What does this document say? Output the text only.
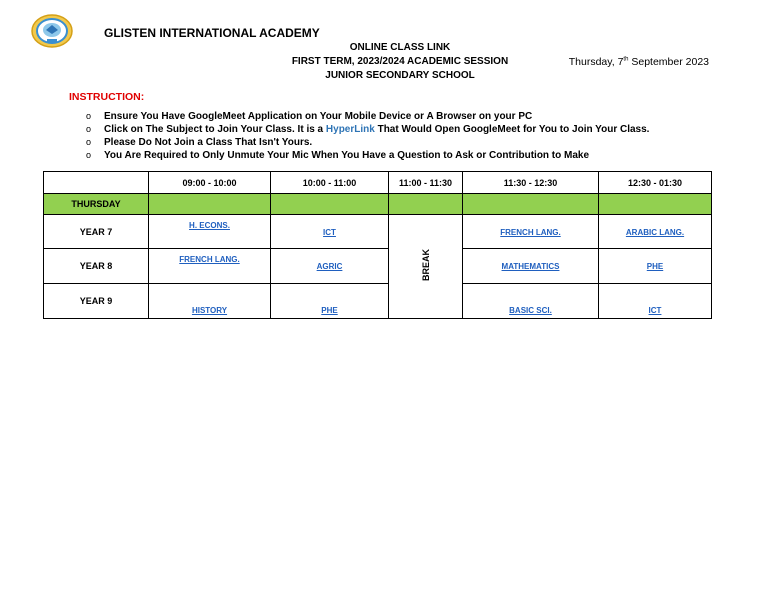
GLISTEN INTERNATIONAL ACADEMY
ONLINE CLASS LINK
FIRST TERM, 2023/2024 ACADEMIC SESSION
JUNIOR SECONDARY SCHOOL
Thursday, 7th September 2023
INSTRUCTION:
o Ensure You Have GoogleMeet Application on Your Mobile Device or A Browser on your PC
o Click on The Subject to Join Your Class. It is a HyperLink That Would Open GoogleMeet for You to Join Your Class.
o Please Do Not Join a Class That Isn't Yours.
o You Are Required to Only Unmute Your Mic When You Have a Question to Ask or Contribution to Make
	09:00 - 10:00	10:00 - 11:00	11:00 - 11:30	11:30 - 12:30	12:30 - 01:30
THURSDAY					
YEAR 7	H. ECONS.	ICT	BREAK	FRENCH LANG.	ARABIC LANG.
YEAR 8	FRENCH LANG.	AGRIC		MATHEMATICS	PHE
YEAR 9	HISTORY	PHE		BASIC SCI.	ICT
